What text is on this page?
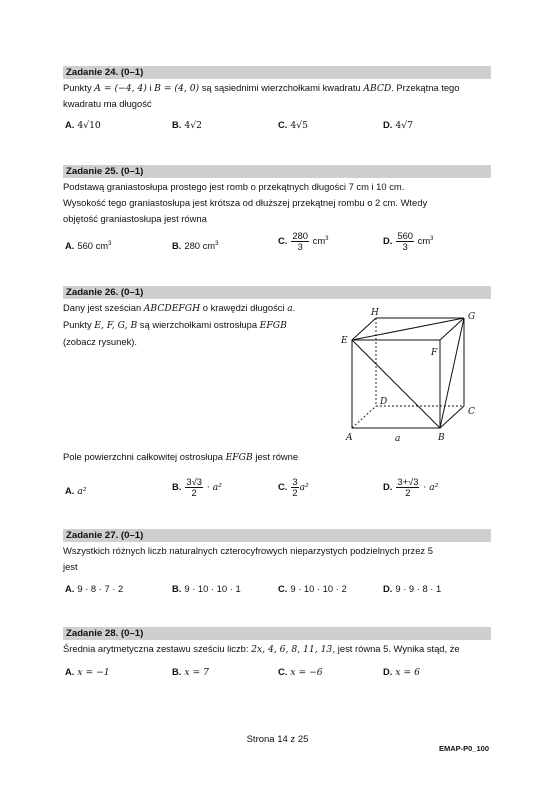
Zadanie 24. (0–1)
Punkty A = (−4, 4) i B = (4, 0) są sąsiednimi wierzchołkami kwadratu ABCD. Przekątna tego kwadratu ma długość
A. 4√10	B. 4√2	C. 4√5	D. 4√7
Zadanie 25. (0–1)
Podstawą graniastosłupa prostego jest romb o przekątnych długości 7 cm i 10 cm.
Wysokość tego graniastosłupa jest krótsza od dłuższej przekątnej rombu o 2 cm. Wtedy
objętość graniastosłupa jest równa
A. 560 $cm^3$	B. 280 $cm^3$	C. $\frac{280}{3} cm^3$	D. $\frac{560}{3} cm^3$
Zadanie 26. (0–1)
Dany jest sześcian ABCDEFGH o krawędzi długości a.
Punkty E, F, G, B są wierzchołkami ostrosłupa EFGB
(zobacz rysunek).
H	G
E
F
D
C
A	B
a
Pole powierzchni całkowitej ostrosłupa EFGB jest równe
A. a²	B. $\frac{3√3}{2} \cdot a^2$	C. $\frac{3}{2} a^2$	D. $\frac{3+√3}{2} \cdot a^2$
Zadanie 27. (0–1)
Wszystkich różnych liczb naturalnych czterocyfrowych nieparzystych podzielnych przez 5
jest
A. 9 · 8 · 7 · 2	B. 9 · 10 · 10 · 1	C. 9 · 10 · 10 · 2	D. 9 · 9 · 8 · 1
Zadanie 28. (0–1)
Średnia arytmetyczna zestawu sześciu liczb: 2x, 4, 6, 8, 11, 13, jest równa 5. Wynika stąd, że
A. x = −1	B. x = 7	C. x = −6	D. x = 6
Strona 14 z 25
EMAP-P0_100
